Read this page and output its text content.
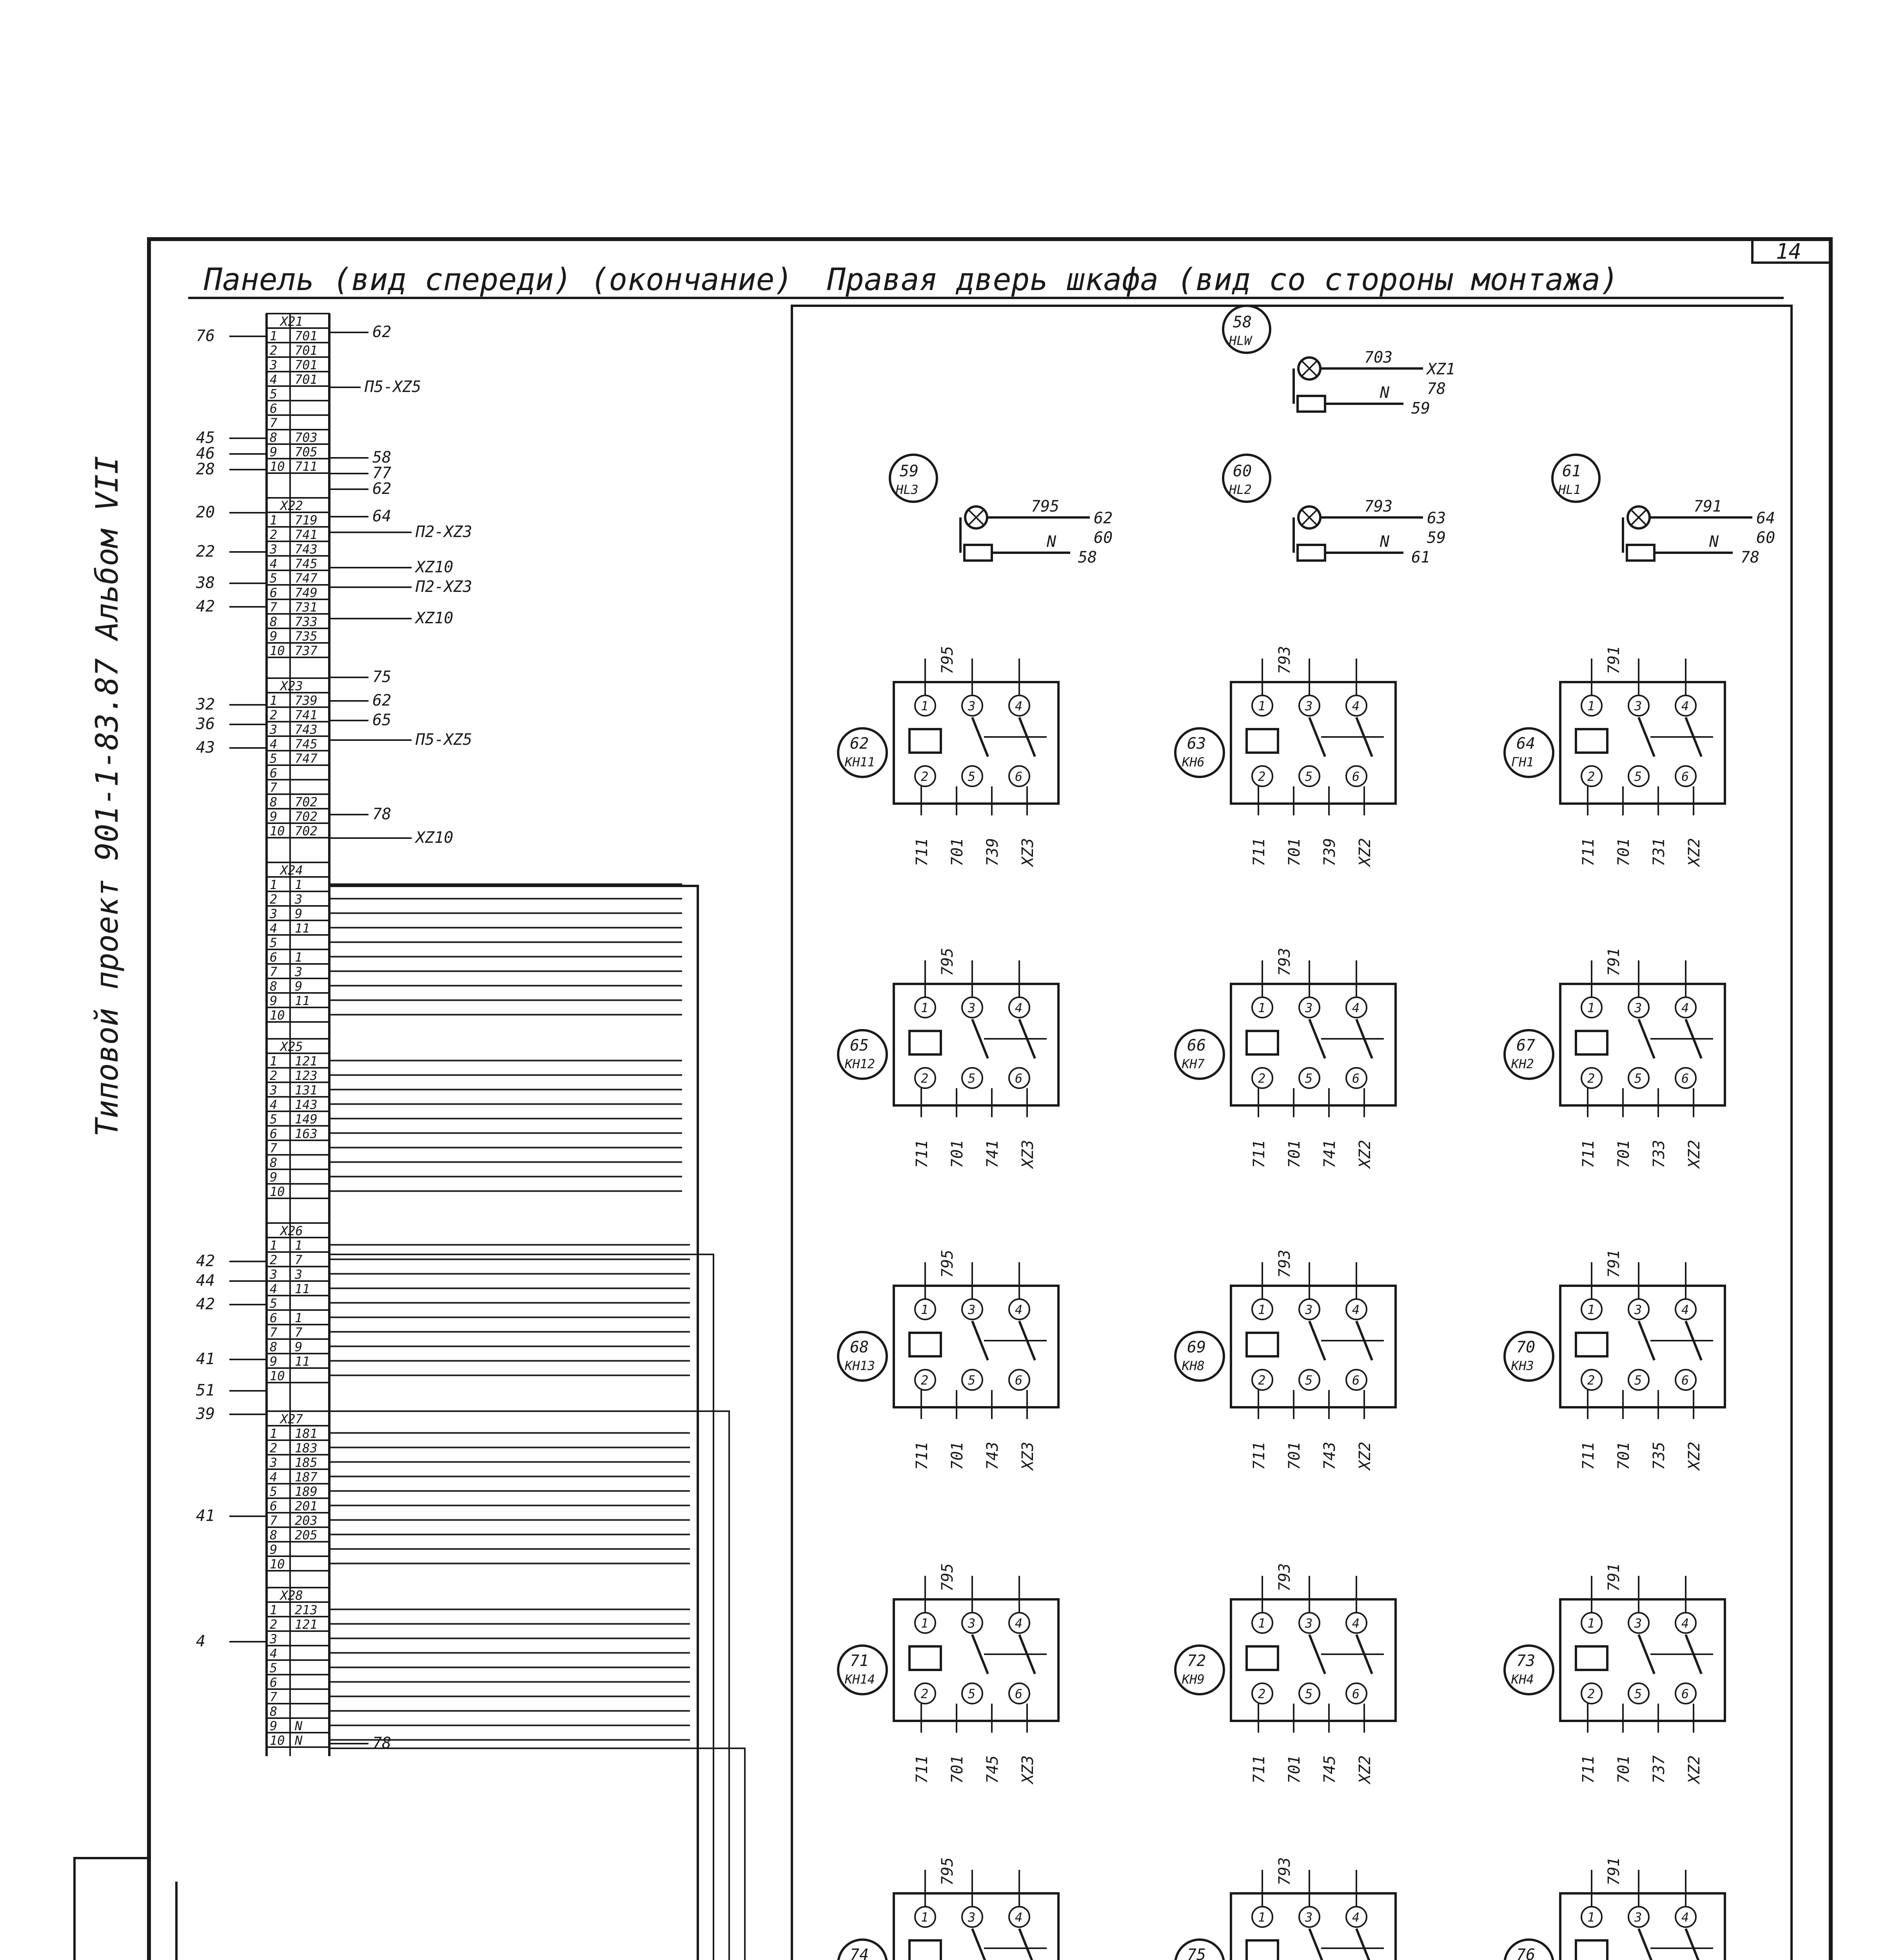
14
Типовой проект 901-1-83.87 Альбом VII
Панель (вид спереди) (окончание) Правая дверь шкафа (вид со стороны монтажа)
X21
1 701
2 701
3 701
4 701
5
6
7
8 703
9 705
10 711
X22
1 719
2 741
3 743
4 745
5 747
6 749
7 731
8 733
9 735
10 737
X23
1 739
2 741
3 743
4 745
5 747
6
7
8 702
9 702
10 702
X24
1 1
2 3
3 9
4 11
5
6 1
7 3
8 9
9 11
10
X25
1 121
2 123
3 131
4 143
5 149
6 163
7
8
9
10
X26
1 1
2 7
3 3
4 11
5
6 1
7 7
8 9
9 11
10
X27
1 181
2 183
3 185
4 187
5 189
6 201
7 203
8 205
9
10
X28
1 213
2 121
3
4
5
6
7
8
9 N
10 N
76
45
46
28
20
22
38
42
32
36
43
42
44
42
41
51
39
41
4
62
П5-ХZ5
58
77
62
64
П2-ХZ3
ХZ10
П2-ХZ3
ХZ10
75
62
65
П5-ХZ5
78
ХZ10
78
58
HLW
703
ХZ1
N 78
59
59
HL3
795
62
N 60
58
60
HL2
793
63
N 59
61
61
HL1
791
64
N 60
78
62
КН11
1	3	4
2	5	6
795
711 701 739 ХZ3
63
КН6
1	3	4
2	5	6
793
711 701 739 ХZ2
64
ГН1
1	3	4
2	5	6
791
711 701 731 ХZ2
65
КН12
1	3	4
2	5	6
795
711 701 741 ХZ3
66
КН7
1	3	4
2	5	6
793
711 701 741 ХZ2
67
КН2
1	3	4
2	5	6
791
711 701 733 ХZ2
68
КН13
1	3	4
2	5	6
795
711 701 743 ХZ3
69
КН8
1	3	4
2	5	6
793
711 701 743 ХZ2
70
КН3
1	3	4
2	5	6
791
711 701 735 ХZ2
71
КН14
1	3	4
2	5	6
795
711 701 745 ХZ3
72
КН9
1	3	4
2	5	6
793
711 701 745 ХZ2
73
КН4
1	3	4
2	5	6
791
711 701 737 ХZ2
74
1	3	4
795
75
1	3	4
793
76
1	3	4
791
